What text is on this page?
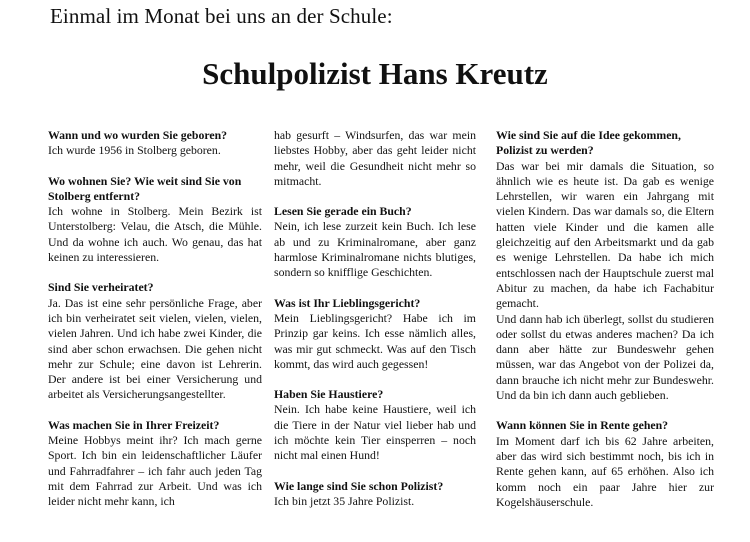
Einmal im Monat bei uns an der Schule:
Schulpolizist Hans Kreutz

Wann und wo wurden Sie geboren?

Ich wurde 1956 in Stolberg geboren.

Wo wohnen Sie? Wie weit sind Sie von Stolberg entfernt?

Ich wohne in Stolberg. Mein Bezirk ist Unterstolberg: Velau, die Atsch, die Mühle. Und da wohne ich auch. Wo genau, das hat keinen zu interessieren.

Sind Sie verheiratet?

Ja. Das ist eine sehr persönliche Frage, aber ich bin verheiratet seit vielen, vielen, vielen, vielen Jahren. Und ich habe zwei Kinder, die sind aber schon erwachsen. Die gehen nicht mehr zur Schule; eine davon ist Lehrerin. Der andere ist bei einer Versicherung und arbeitet als Versicherungsangestellter.

Was machen Sie in Ihrer Freizeit?

Meine Hobbys meint ihr? Ich mach gerne Sport. Ich bin ein leidenschaftlicher Läufer und Fahrradfahrer – ich fahr auch jeden Tag mit dem Fahrrad zur Arbeit. Und was ich leider nicht mehr kann, ich

hab gesurft – Windsurfen, das war mein liebstes Hobby, aber das geht leider nicht mehr, weil die Gesundheit nicht mehr so mitmacht.

Lesen Sie gerade ein Buch?

Nein, ich lese zurzeit kein Buch. Ich lese ab und zu Kriminalromane, aber ganz harmlose Kriminalromane nichts blutiges, sondern so knifflige Geschichten.

Was ist Ihr Lieblingsgericht?

Mein Lieblingsgericht? Habe ich im Prinzip gar keins. Ich esse nämlich alles, was mir gut schmeckt. Was auf den Tisch kommt, das wird auch gegessen!

Haben Sie Haustiere?

Nein. Ich habe keine Haustiere, weil ich die Tiere in der Natur viel lieber hab und ich möchte kein Tier einsperren – noch nicht mal einen Hund!

Wie lange sind Sie schon Polizist?

Ich bin jetzt 35 Jahre Polizist.

Wie sind Sie auf die Idee gekommen, Polizist zu werden?

Das war bei mir damals die Situation, so ähnlich wie es heute ist. Da gab es wenige Lehrstellen, wir waren ein Jahrgang mit vielen Kindern. Das war damals so, die Eltern hatten viele Kinder und die kamen alle gleichzeitig auf den Arbeitsmarkt und da gab es wenige Lehrstellen. Da habe ich mich entschlossen nach der Hauptschule zuerst mal Abitur zu machen, da habe ich Fachabitur gemacht.

Und dann hab ich überlegt, sollst du studieren oder sollst du etwas anderes machen? Da ich dann aber hätte zur Bundeswehr gehen müssen, war das Angebot von der Polizei da, dann brauche ich nicht mehr zur Bundeswehr. Und da bin ich dann auch geblieben.

Wann können Sie in Rente gehen?

Im Moment darf ich bis 62 Jahre arbeiten, aber das wird sich bestimmt noch, bis ich in Rente gehen kann, auf 65 erhöhen. Also ich komm noch ein paar Jahre hier zur Kogelshäuserschule.
